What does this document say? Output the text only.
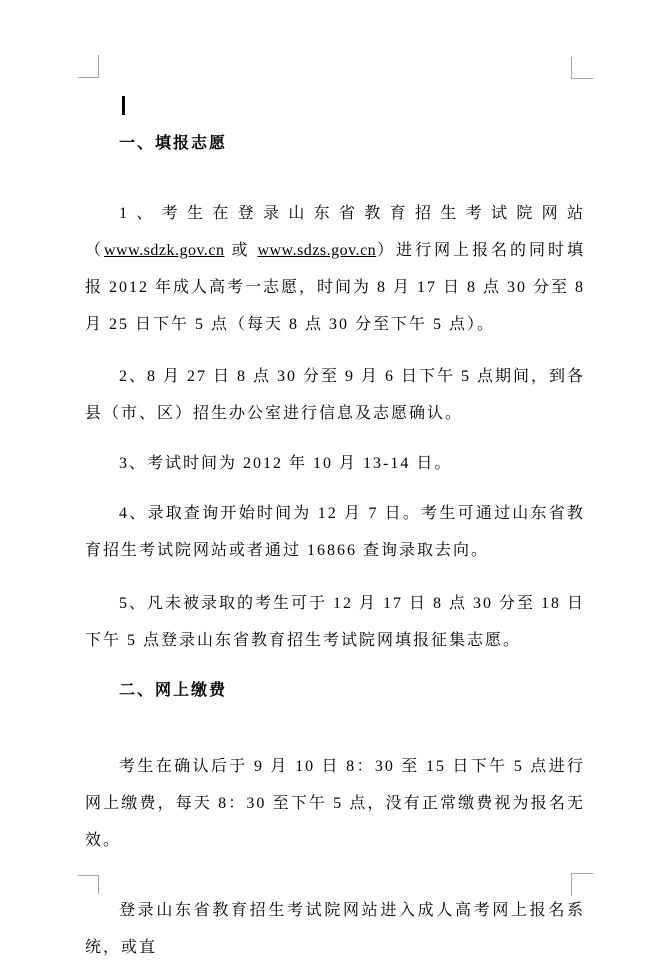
一、填报志愿
1、考生在登录山东省教育招生考试院网站（www.sdzk.gov.cn 或 www.sdzs.gov.cn）进行网上报名的同时填报 2012 年成人高考一志愿，时间为 8 月 17 日 8 点 30 分至 8 月 25 日下午 5 点（每天 8 点 30 分至下午 5 点）。
2、8 月 27 日 8 点 30 分至 9 月 6 日下午 5 点期间，到各县（市、区）招生办公室进行信息及志愿确认。
3、考试时间为 2012 年 10 月 13-14 日。
4、录取查询开始时间为 12 月 7 日。考生可通过山东省教育招生考试院网站或者通过 16866 查询录取去向。
5、凡未被录取的考生可于 12 月 17 日 8 点 30 分至 18 日下午 5 点登录山东省教育招生考试院网填报征集志愿。
二、网上缴费
考生在确认后于 9 月 10 日 8：30 至 15 日下午 5 点进行网上缴费，每天 8：30 至下午 5 点，没有正常缴费视为报名无效。
登录山东省教育招生考试院网站进入成人高考网上报名系统，或直
